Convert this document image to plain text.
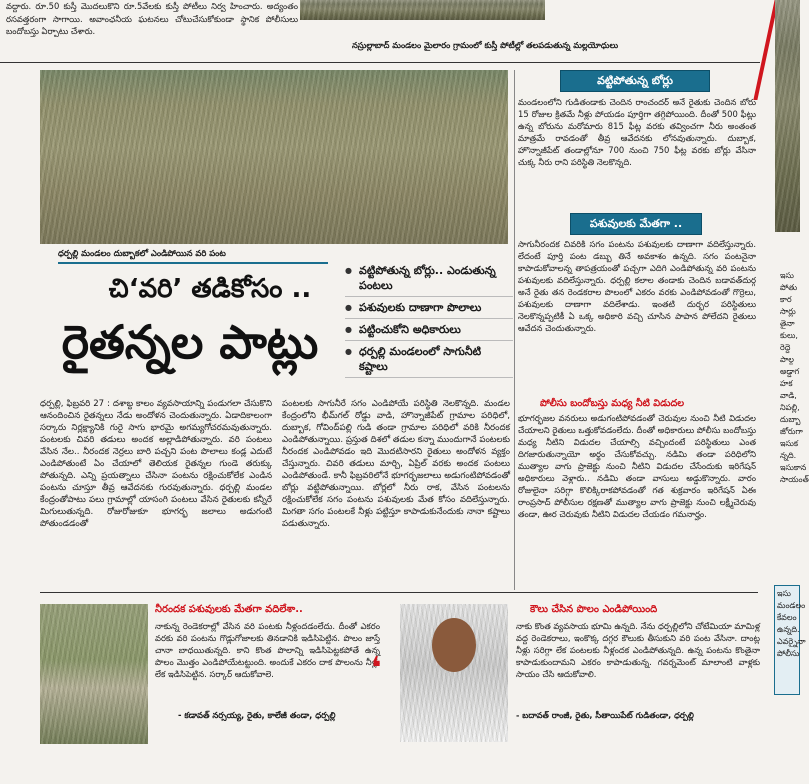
వద్దారు. రూ.50 కుస్తీ మొదలుకొని రూ.5వేలకు కుస్తీ పోటీలు నిర్వ హించారు. అద్యంతం రసవత్తరంగా సాగాయి. అవాంఛనీయ ఘటనలు చోటుచేసుకోకుండా స్థానిక పోలీసులు బందోబస్తు ఏర్పాటు చేశారు.
నస్రుల్లాబాద్ మండలం మైలారం గ్రామంలో కుస్తీ పోటీల్లో తలపడుతున్న మల్లయోధులు
ధర్పల్లి మండలం దుబ్బాకలో ఎండిపోయిన వరి పంట
చి‘వరి’ తడికోసం ..
రైతన్నల పాట్లు
● వట్టిపోతున్న బోర్లు.. ఎండుతున్న పంటలు
● పశువులకు దాణాగా పొలాలు
● పట్టించుకోని అధికారులు
● ధర్పల్లి మండలంలో సాగునీటి కష్టాలు
ధర్పల్లి, ఫిబ్రవరి 27 : దశాబ్ద కాలం వ్యవసాయాన్ని పండుగలా చేసుకొని ఆనందించిన రైతన్నలు నేడు అందోళన చెందుతున్నారు. ఏడాదికాలంగా సర్కారు నిర్లక్ష్యానికి గురై సాగు భారమై అగమ్యగోచరమవుతున్నారు. పంటలకు చివరి తడులు అందక అల్లాడిపోతున్నారు. వరి పంటలు వేసిన నేల.. నీరందక నెర్రలు బారి పచ్చని పంట పొలాలు కండ్ల ఎదుటే ఎండిపోతుంటే ఏం చేయాలో తెలియక రైతన్నల గుండె తరుక్కు పోతున్నది. ఎన్ని ప్రయత్నాలు చేసినా పంటను రక్షించుకోలేక ఎండిన పంటను చూస్తూ తీవ్ర ఆవేదనకు గురవుతున్నారు. ధర్పల్లి మండల కేంద్రంతోపాటు పలు గ్రామాల్లో యాసంగి పంటలు వేసిన రైతులకు కన్నీరే మిగులుతున్నది. రోజురోజుకూ భూగర్భ జలాలు అడుగంటి పోతుండడంతో
పంటలకు సాగునీరే సగం ఎండిపోయే పరిస్థితి నెలకొన్నది. మండల కేంద్రంలోని భీమ్‌గల్ రోడ్డు వాడి, హొన్నాజీపేట్ గ్రామాల పరిధిలో, దుబ్బాక, గోవింద్‌పల్లి గుడి తండా గ్రామాల పరిధిలో వరికి నీరందక ఎండిపోతున్నాయి. ప్రస్తుత దిశలో తడుల కన్నా ముందుగానే పంటలకు నీరందక ఎండిపోవడం ఇది మొదటిసారని రైతులు అందోళన వ్యక్తం చేస్తున్నారు. చివరి తడులు మార్చి, ఏప్రిల్ వరకు అందక పంటలు ఎండిపోతుండే. కానీ ఫిబ్రవరిలోనే భూగర్భజలాలు అడుగంటిపోవడంతో బోర్లు వట్టిపోతున్నాయి. బోర్లలో నీరు రాక, వేసిన పంటలను రక్షించుకోలేక సగం పంటను పశువులకు మేత కోసం వదిలేస్తున్నారు. మిగతా సగం పంటలకే నీళ్లు పట్టిస్తూ కాపాడుకునేందుకు నానా కష్టాలు పడుతున్నారు.
వట్టిపోతున్న బోర్లు
మండలంలోని గుడితండాకు చెందిన రాంచందర్ అనే రైతుకు చెందిన బోరు 15 రోజుల క్రితమే నీళ్లు పోయడం పూర్తిగా తగ్గిపోయింది. దీంతో 500 ఫీట్లు ఉన్న బోరును మరోమారు 815 ఫీట్ల వరకు తవ్వించగా నీరు అంతంత మాత్రమే రావడంతో తీవ్ర ఆవేదనకు లోనవుతున్నారు. దుబ్బాక, హొన్నాజీపేట్ తండాల్లోనూ 700 నుంచి 750 ఫీట్ల వరకు బోర్లు వేసినా చుక్క నీరు రాని పరిస్థితి నెలకొన్నది.
పశువులకు మేతగా ..
సాగునీరందక చివరికి సగం పంటను పశువులకు దాణాగా వదిలేస్తున్నారు. లేదంటే పూర్తి పంట డబ్బు తినే అవకాశం ఉన్నది. సగం పంటనైనా కాపాడుకోవాలన్న తాపత్రయంతో పచ్చగా ఎదిగి ఎండిపోతున్న వరి పంటను పశువులకు వదిలేస్తున్నారు. ధర్పల్లి కలాల తండాకు చెందిన బడావత్‌దుర్గ అనే రైతు తన రెండకరాల పొలంలో ఎకరం వరకు ఎండిపోవడంతో గొర్రెలు, పశువులకు దాణాగా వదిలేశాడు. ఇంతటి దుర్భర పరిస్థితులు నెలకొన్నప్పటికీ ఏ ఒక్క అధికారి వచ్చి చూసిన పాపాన పోలేదని రైతులు ఆవేదన చెందుతున్నారు.
పోలీసు బందోబస్తు మధ్య నీటి విడుదల
భూగర్భజల వనరులు అడుగంటిపోవడంతో చెరువుల నుంచి నీటి విడుదల చేయాలని రైతులు ఒత్తుకోవడంలేదు. దీంతో అధికారులు పోలీసు బందోబస్తు మధ్య నీటిని విడుదల చేయాల్సి వచ్చిందంటే పరిస్థితులు ఎంత దిగజారుతున్నాయో అర్థం చేసుకోవచ్చు. నడిమి తండా పరిధిలోని ముత్యాల వాగు ప్రాజెక్టు నుంచి నీటిని విడుదల చేసేందుకు ఇరిగేషన్ అధికారులు వెళ్లారు.. నడిమి తండా వాసులు అడ్డుకొన్నారు. వారం రోజులైనా సరిగ్గా కొలిక్కిరాకపోవడంతో గత శుక్రవారం ఇరిగేషన్ ఏఈ రాంప్రసాద్ పోలీసుల రక్షణతో ముత్యాల వాగు ప్రాజెక్టు నుంచి లక్ష్మీచెరువు తండా, ఊర చెరువుకు నీటిని విడుదల చేయడం గమనార్హం.
నీరందక పశువులకు మేతగా వదిలేశా..
నాకున్న రెండెకరాల్లో వేసిన వరి పంటకు నీళ్లందడంలేదు. దీంతో ఎకరం వరకు వరి పంటను గొడ్లుగోజాలకు తినడానికి ఇడిసిపెట్టిన. పొలం జాస్తే చానా బాధయితున్నది. కాని కొంత పొలాన్ని ఇడిసిపెట్టకపోతే ఉన్న పొలం మొత్తం ఎండిపోయేటట్టుంది. అందుకే ఎకరం దాక పొలంను నీళ్లు లేక ఇడిసిపెట్టిన. సర్కార్ ఆదుకోవాలె.
- కడావత్ నర్సయ్య, రైతు, కాలేజీ తండా, ధర్పల్లి
❛
కౌలు చేసిన పొలం ఎండిపోయింది
నాకు కొంత వ్యవసాయ భూమి ఉన్నది. నేను ధర్పల్లిలోని చోటేమియా మామిళ్ల వద్ద రెండెకరాలు, ఇంకొక్క దగ్గర కౌలుకు తీసుకుని వరి పంట వేసినా. దాంట్ల నీళ్లు సరిగ్గా లేక పంటలకు నీళ్లందక ఎండిపోతున్నది. ఉన్న పంటను కొంతైనా కాపాడుకుందామని ఎకరం కాపాడుతున్న. గవర్నమెంట్ మాలాంటి వాళ్లకు సాయం చేసి ఆదుకోవాలి.
- బదావత్ రాంజీ, రైతు, సీతాయిపేట్ గుడితండా, ధర్పల్లి
ఇసు పోతు కార సార్లు తైనా కులు, రెద్దె పాల్గ అడ్డాగ హక వాడి, నిపల్లి, దుబ్బా జోరుగా ఇసుక న్నది. ఇసుకాన సాయంత్
ఇసు మండలం కేవలం ఉన్నది. ఎవర్నైనా పోలీసు
